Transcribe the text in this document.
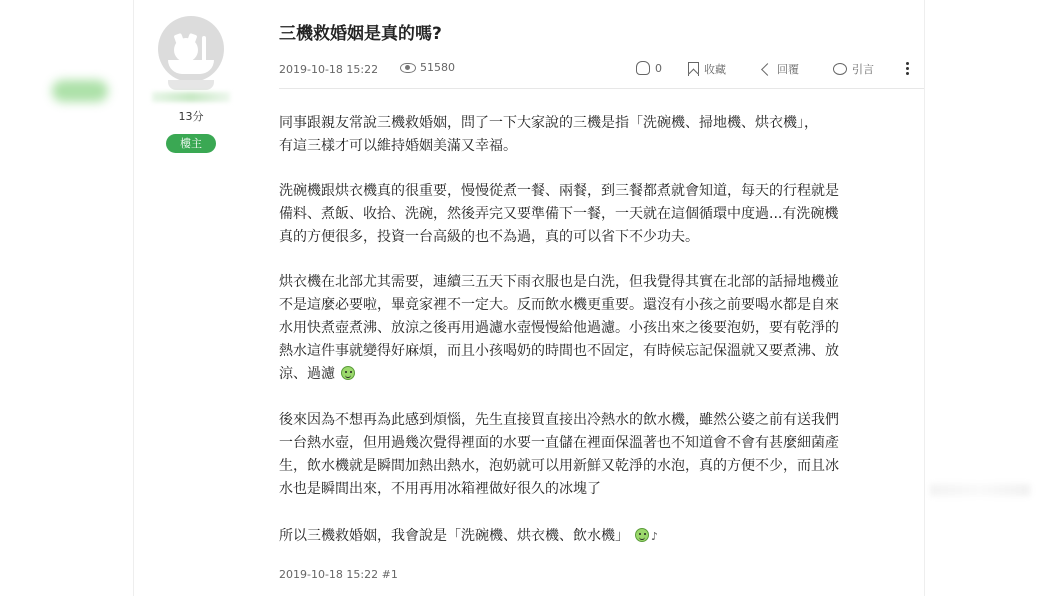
13分
樓主
三機救婚姻是真的嗎?
2019-10-18 15:22	51580	0	收藏	回覆	引言
同事跟親友常說三機救婚姻，問了一下大家說的三機是指「洗碗機、掃地機、烘衣機」，
有這三樣才可以維持婚姻美滿又幸福。
洗碗機跟烘衣機真的很重要，慢慢從煮一餐、兩餐，到三餐都煮就會知道，每天的行程就是
備料、煮飯、收拾、洗碗，然後弄完又要準備下一餐，一天就在這個循環中度過...有洗碗機
真的方便很多，投資一台高級的也不為過，真的可以省下不少功夫。
烘衣機在北部尤其需要，連續三五天下雨衣服也是白洗，但我覺得其實在北部的話掃地機並
不是這麼必要啦，畢竟家裡不一定大。反而飲水機更重要。還沒有小孩之前要喝水都是自來
水用快煮壺煮沸、放涼之後再用過濾水壺慢慢給他過濾。小孩出來之後要泡奶，要有乾淨的
熱水這件事就變得好麻煩，而且小孩喝奶的時間也不固定，有時候忘記保溫就又要煮沸、放
涼、過濾
後來因為不想再為此感到煩惱，先生直接買直接出冷熱水的飲水機，雖然公婆之前有送我們
一台熱水壺，但用過幾次覺得裡面的水要一直儲在裡面保溫著也不知道會不會有甚麼細菌產
生，飲水機就是瞬間加熱出熱水，泡奶就可以用新鮮又乾淨的水泡，真的方便不少，而且冰
水也是瞬間出來，不用再用冰箱裡做好很久的冰塊了
所以三機救婚姻，我會說是「洗碗機、烘衣機、飲水機」 ♪
2019-10-18 15:22 #1
